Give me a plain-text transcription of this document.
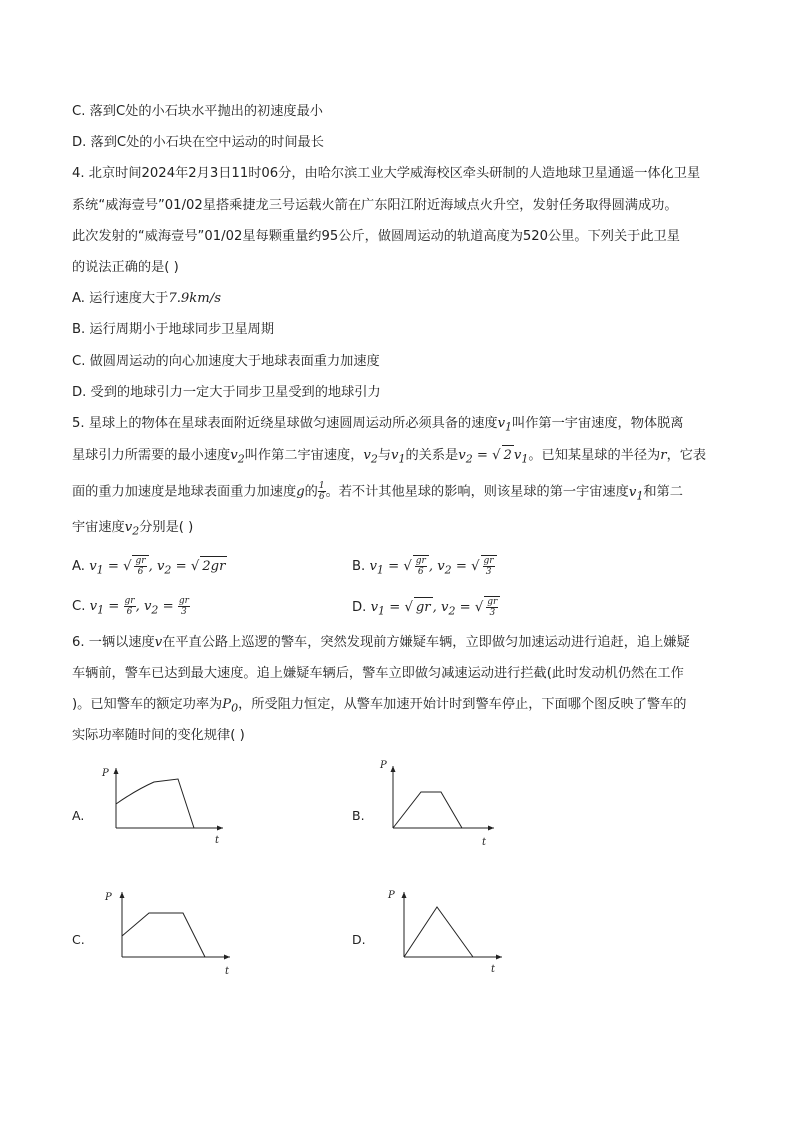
C. 落到C处的小石块水平抛出的初速度最小
D. 落到C处的小石块在空中运动的时间最长
4. 北京时间2024年2月3日11时06分，由哈尔滨工业大学威海校区牵头研制的人造地球卫星通遥一体化卫星
系统“威海壹号”01/02星搭乘捷龙三号运载火箭在广东阳江附近海域点火升空，发射任务取得圆满成功。
此次发射的“威海壹号”01/02星每颗重量约95公斤，做圆周运动的轨道高度为520公里。下列关于此卫星
的说法正确的是( )
A. 运行速度大于7.9km/s
B. 运行周期小于地球同步卫星周期
C. 做圆周运动的向心加速度大于地球表面重力加速度
D. 受到的地球引力一定大于同步卫星受到的地球引力
5. 星球上的物体在星球表面附近绕星球做匀速圆周运动所必须具备的速度$v_1$叫作第一宇宙速度，物体脱离
星球引力所需要的最小速度$v_2$叫作第二宇宙速度，$v_2$与$v_1$的关系是$v_2$ = √ 2 $v_1$。已知某星球的半径为r，它表
面的重力加速度是地球表面重力加速度g的 $\frac{1}{6}$ 。若不计其他星球的影响，则该星球的第一宇宙速度$v_1$和第二
宇宙速度$v_2$分别是( )
A. $v_1$ = √ $\frac{gr}{6}$ , $v_2$ = √ 2gr	B. $v_1$ = √ $\frac{gr}{6}$ , $v_2$ = √ $\frac{gr}{3}$
C. $v_1 = \frac{gr}{6}$ , $v_2 = \frac{gr}{3}$	D. $v_1$ = √ gr , $v_2$ = √ $\frac{gr}{3}$
6. 一辆以速度v在平直公路上巡逻的警车，突然发现前方嫌疑车辆，立即做匀加速运动进行追赶，追上嫌疑
车辆前，警车已达到最大速度。追上嫌疑车辆后，警车立即做匀减速运动进行拦截(此时发动机仍然在工作
)。已知警车的额定功率为$P_0$，所受阻力恒定，从警车加速开始计时到警车停止，下面哪个图反映了警车的
实际功率随时间的变化规律( )
A.
P
t
B.
P
t
C.
P
t
D.
P
t
